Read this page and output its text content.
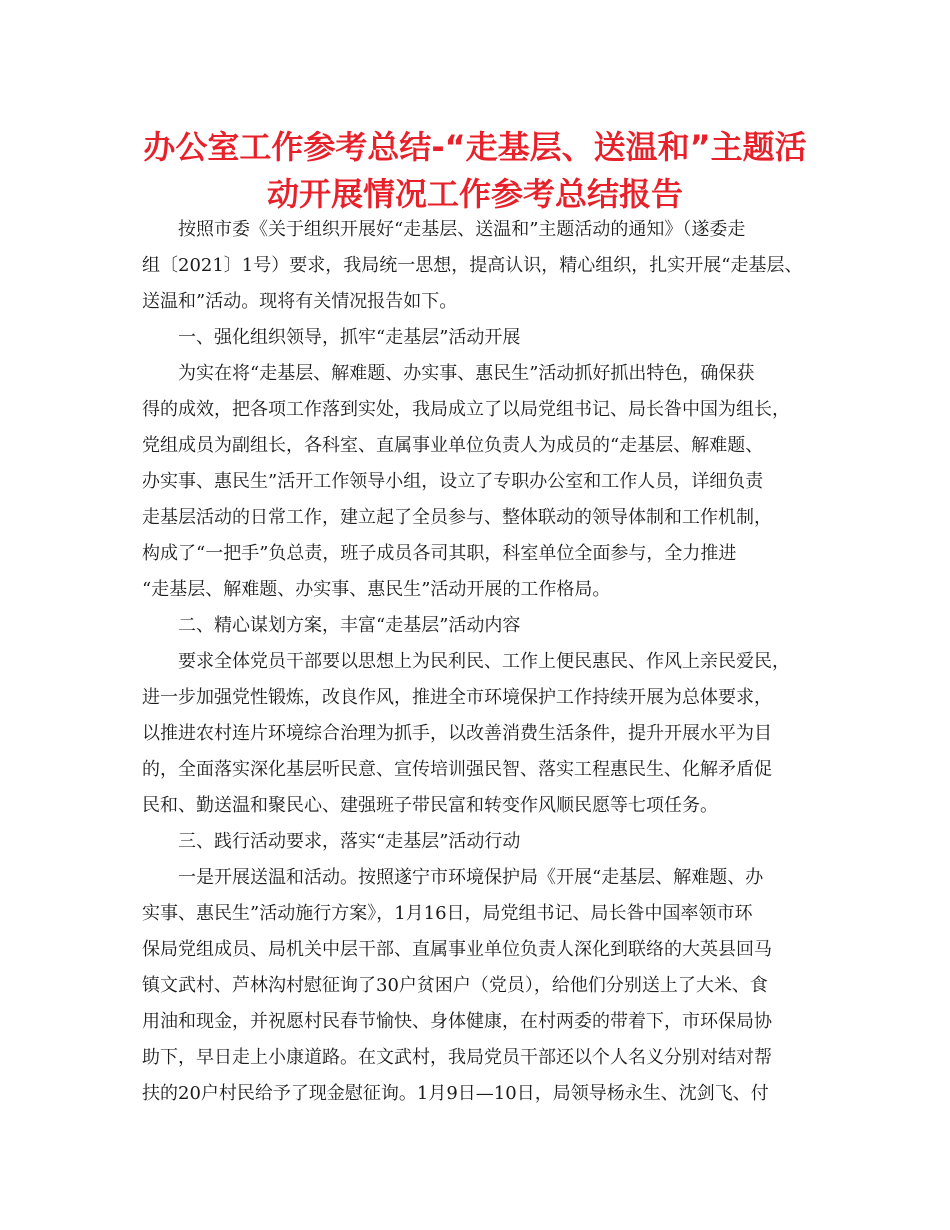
办公室工作参考总结-“走基层、送温和”主题活
动开展情况工作参考总结报告
按照市委《关于组织开展好“走基层、送温和”主题活动的通知》（遂委走
组〔2021〕1号）要求，我局统一思想，提高认识，精心组织，扎实开展“走基层、
送温和”活动。现将有关情况报告如下。
一、强化组织领导，抓牢“走基层”活动开展
为实在将“走基层、解难题、办实事、惠民生”活动抓好抓出特色，确保获
得的成效，把各项工作落到实处，我局成立了以局党组书记、局长昝中国为组长，
党组成员为副组长，各科室、直属事业单位负责人为成员的“走基层、解难题、
办实事、惠民生”活开工作领导小组，设立了专职办公室和工作人员，详细负责
走基层活动的日常工作，建立起了全员参与、整体联动的领导体制和工作机制，
构成了“一把手”负总责，班子成员各司其职，科室单位全面参与，全力推进
“走基层、解难题、办实事、惠民生”活动开展的工作格局。
二、精心谋划方案，丰富“走基层”活动内容
要求全体党员干部要以思想上为民利民、工作上便民惠民、作风上亲民爱民，
进一步加强党性锻炼，改良作风，推进全市环境保护工作持续开展为总体要求，
以推进农村连片环境综合治理为抓手，以改善消费生活条件，提升开展水平为目
的，全面落实深化基层听民意、宣传培训强民智、落实工程惠民生、化解矛盾促
民和、勤送温和聚民心、建强班子带民富和转变作风顺民愿等七项任务。
三、践行活动要求，落实“走基层”活动行动
一是开展送温和活动。按照遂宁市环境保护局《开展“走基层、解难题、办
实事、惠民生”活动施行方案》，1月16日，局党组书记、局长昝中国率领市环
保局党组成员、局机关中层干部、直属事业单位负责人深化到联络的大英县回马
镇文武村、芦林沟村慰征询了30户贫困户（党员），给他们分别送上了大米、食
用油和现金，并祝愿村民春节愉快、身体健康，在村两委的带着下，市环保局协
助下，早日走上小康道路。在文武村，我局党员干部还以个人名义分别对结对帮
扶的20户村民给予了现金慰征询。1月9日—10日，局领导杨永生、沈剑飞、付
